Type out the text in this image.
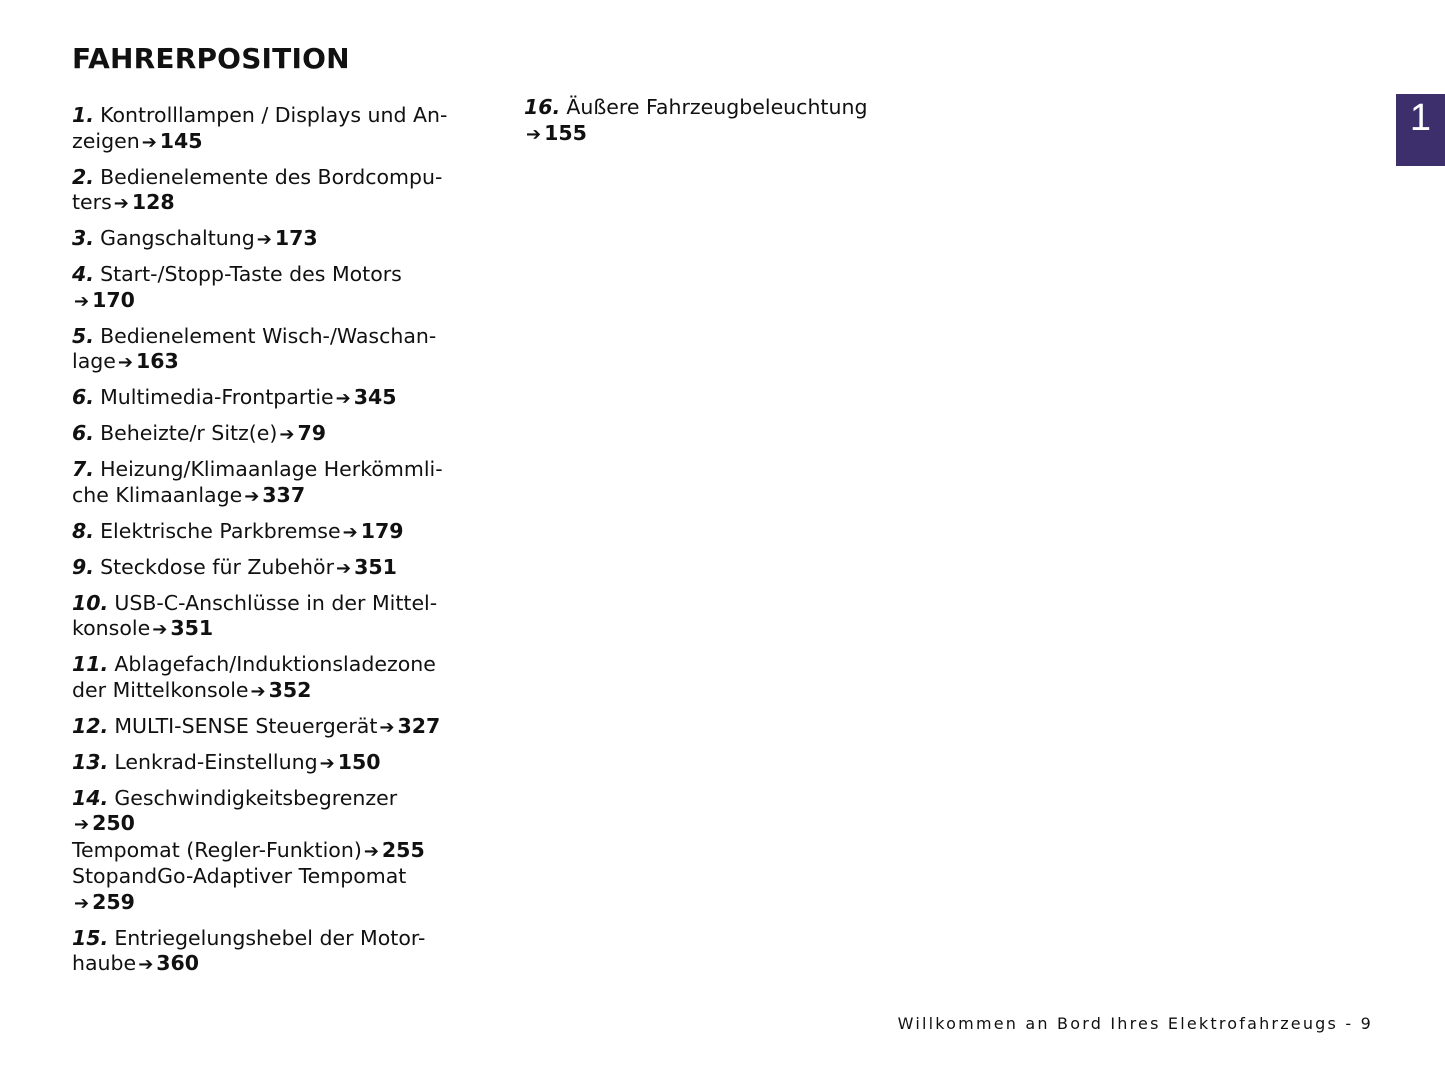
FAHRERPOSITION
1. Kontrolllampen / Displays und An-
zeigen ➔ 145
2. Bedienelemente des Bordcompu-
ters ➔ 128
3. Gangschaltung ➔ 173
4. Start-/Stopp-Taste des Motors
➔ 170
5. Bedienelement Wisch-/Waschan-
lage ➔ 163
6. Multimedia-Frontpartie ➔ 345
6. Beheizte/r Sitz(e) ➔ 79
7. Heizung/Klimaanlage Herkömmli-
che Klimaanlage ➔ 337
8. Elektrische Parkbremse ➔ 179
9. Steckdose für Zubehör ➔ 351
10. USB-C-Anschlüsse in der Mittel-
konsole ➔ 351
11. Ablagefach/Induktionsladezone
der Mittelkonsole ➔ 352
12. MULTI-SENSE Steuergerät ➔ 327
13. Lenkrad-Einstellung ➔ 150
14. Geschwindigkeitsbegrenzer
➔ 250
Tempomat (Regler-Funktion) ➔ 255
StopandGo-Adaptiver Tempomat
➔ 259
15. Entriegelungshebel der Motor-
haube ➔ 360
16. Äußere Fahrzeugbeleuchtung
➔ 155	1
Willkommen an Bord Ihres Elektrofahrzeugs - 9
